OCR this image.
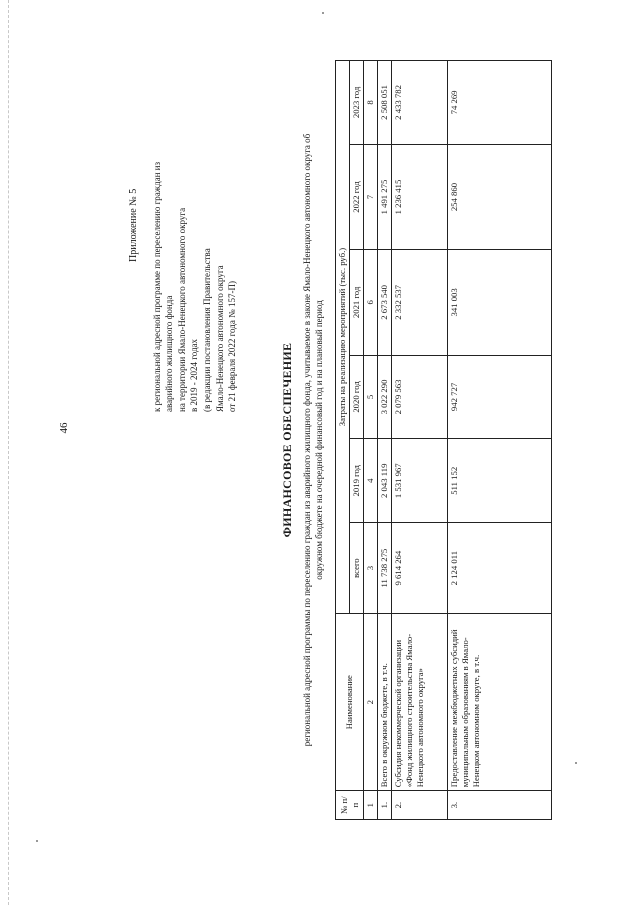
46
Приложение № 5 к региональной адресной программе по переселению граждан из аварийного жилищного фонда на территории Ямало-Ненецкого автономного округа в 2019 - 2024 годах (в редакции постановления Правительства Ямало-Ненецкого автономного округа от 21 февраля 2022 года № 157-П)	ФИНАНСОВОЕ ОБЕСПЕЧЕНИЕ региональной адресной программы по переселению граждан из аварийного жилищного фонда, учитываемое в законе Ямало-Ненецкого автономного округа об окружном бюджете на очередной финансовый год и на плановый период
№ п/п	Наименование	Затраты на реализацию мероприятий (тыс. руб.)					
		всего	2019 год	2020 год	2021 год	2022 год	2023 год
1	2	3	4	5	6	7	8
1.	Всего в окружном бюджете, в т.ч.	11 738 275	2 043 119	3 022 290	2 673 540	1 491 275	2 508 051
2.	Субсидия некоммерческой организации «Фонд жилищного строительства Ямало-Ненецкого автономного округа»	9 614 264	1 531 967	2 079 563	2 332 537	1 236 415	2 433 782
3.	Предоставление межбюджетных субсидий муниципальным образованиям в Ямало-Ненецком автономном округе, в т.ч.	2 124 011	511 152	942 727	341 003	254 860	74 269
